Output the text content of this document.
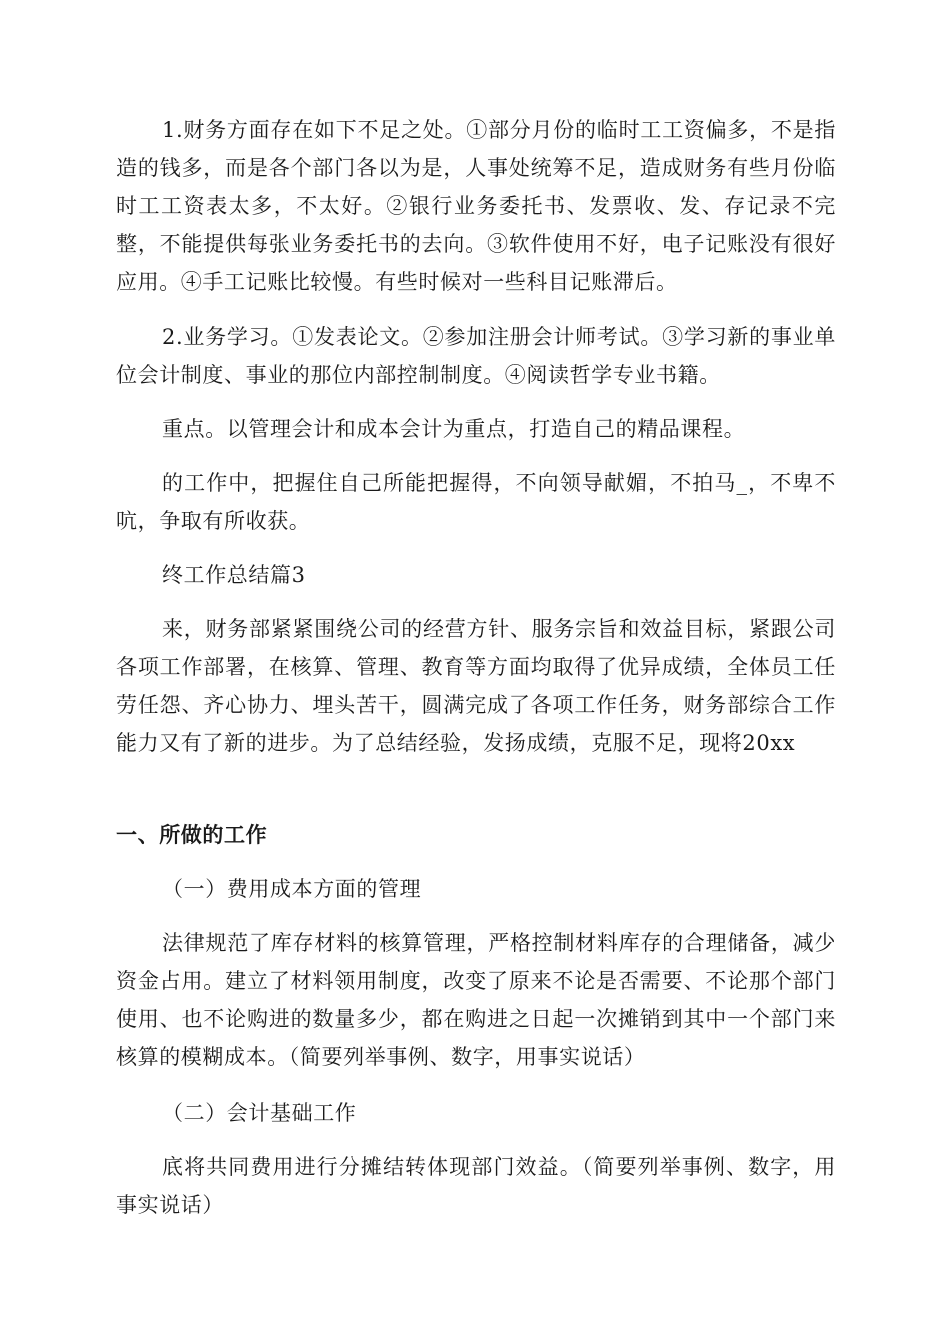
1.财务方面存在如下不足之处。①部分月份的临时工工资偏多，不是指造的钱多，而是各个部门各以为是，人事处统筹不足，造成财务有些月份临时工工资表太多，不太好。②银行业务委托书、发票收、发、存记录不完整，不能提供每张业务委托书的去向。③软件使用不好，电子记账没有很好应用。④手工记账比较慢。有些时候对一些科目记账滞后。

2.业务学习。①发表论文。②参加注册会计师考试。③学习新的事业单位会计制度、事业的那位内部控制制度。④阅读哲学专业书籍。

重点。以管理会计和成本会计为重点，打造自己的精品课程。

的工作中，把握住自己所能把握得，不向领导献媚，不拍马_，不卑不吭，争取有所收获。

终工作总结篇3

来，财务部紧紧围绕公司的经营方针、服务宗旨和效益目标，紧跟公司各项工作部署，在核算、管理、教育等方面均取得了优异成绩，全体员工任劳任怨、齐心协力、埋头苦干，圆满完成了各项工作任务，财务部综合工作能力又有了新的进步。为了总结经验，发扬成绩，克服不足，现将20xx

一、所做的工作

（一）费用成本方面的管理

法律规范了库存材料的核算管理，严格控制材料库存的合理储备，减少资金占用。建立了材料领用制度，改变了原来不论是否需要、不论那个部门使用、也不论购进的数量多少，都在购进之日起一次摊销到其中一个部门来核算的模糊成本。（简要列举事例、数字，用事实说话）

（二）会计基础工作

底将共同费用进行分摊结转体现部门效益。（简要列举事例、数字，用事实说话）
